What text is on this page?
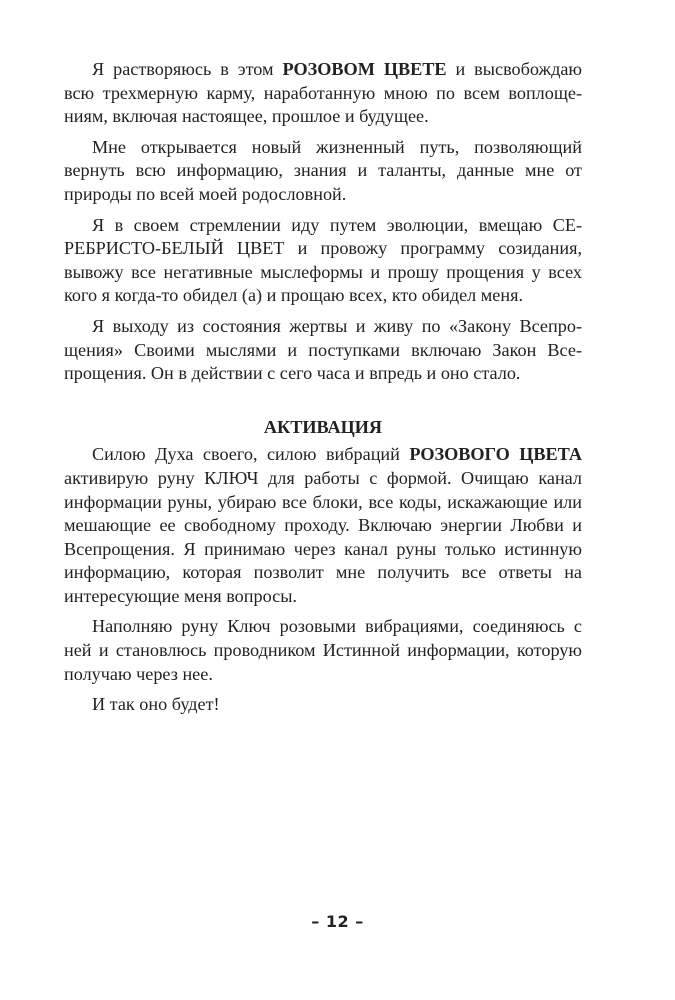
Я растворяюсь в этом РОЗОВОМ ЦВЕТЕ и высвобождаю всю трехмерную карму, наработанную мною по всем воплощениям, включая настоящее, прошлое и будущее.

Мне открывается новый жизненный путь, позволяющий вернуть всю информацию, знания и таланты, данные мне от природы по всей моей родословной.

Я в своем стремлении иду путем эволюции, вмещаю СЕРЕБРИСТО-БЕЛЫЙ ЦВЕТ и провожу программу созидания, вывожу все негативные мыслеформы и прошу прощения у всех кого я когда-то обидел (а) и прощаю всех, кто обидел меня.

Я выходу из состояния жертвы и живу по «Закону Всепрощения» Своими мыслями и поступками включаю Закон Всепрощения. Он в действии с сего часа и впредь и оно стало.

АКТИВАЦИЯ

Силою Духа своего, силою вибраций РОЗОВОГО ЦВЕТА активирую руну КЛЮЧ для работы с формой. Очищаю канал информации руны, убираю все блоки, все коды, искажающие или мешающие ее свободному проходу. Включаю энергии Любви и Всепрощения. Я принимаю через канал руны только истинную информацию, которая позволит мне получить все ответы на интересующие меня вопросы.

Наполняю руну Ключ розовыми вибрациями, соединяюсь с ней и становлюсь проводником Истинной информации, которую получаю через нее.

И так оно будет!

– 12 –
